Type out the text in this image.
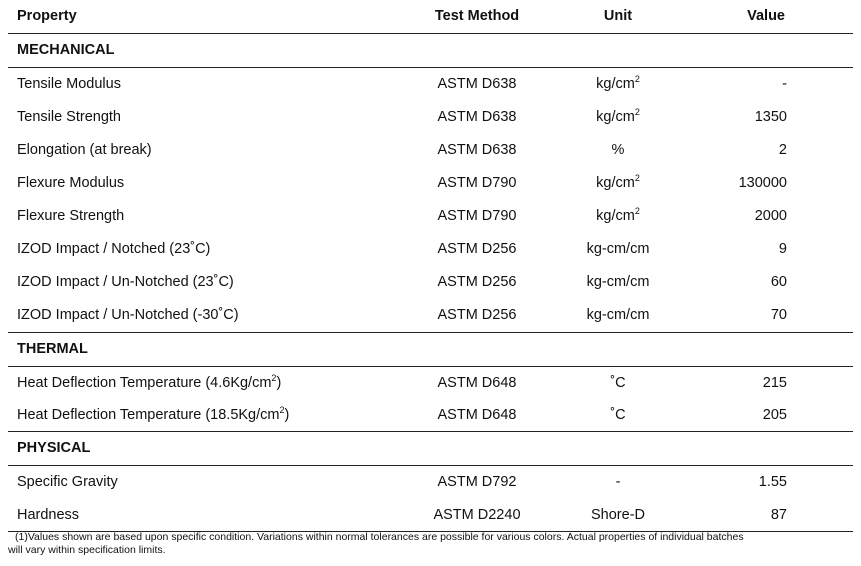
Property	Test Method	Unit	Value
MECHANICAL
Tensile Modulus	ASTM D638	$kg/cm^2$	-
Tensile Strength	ASTM D638	$kg/cm^2$	1350
Elongation (at break)	ASTM D638	%	2
Flexure Modulus	ASTM D790	$kg/cm^2$	130000
Flexure Strength	ASTM D790	$kg/cm^2$	2000
IZOD Impact / Notched (23˚C)	ASTM D256	kg-cm/cm	9
IZOD Impact / Un-Notched (23˚C)	ASTM D256	kg-cm/cm	60
IZOD Impact / Un-Notched (-30˚C)	ASTM D256	kg-cm/cm	70
THERMAL
Heat Deflection Temperature $(4.6Kg/cm^2)$	ASTM D648	˚C	215
Heat Deflection Temperature $(18.5Kg/cm^2)$	ASTM D648	˚C	205
PHYSICAL
Specific Gravity	ASTM D792	-	1.55
Hardness	ASTM D2240	Shore-D	87
(1)Values shown are based upon specific condition. Variations within normal tolerances are possible for various colors. Actual properties of individual batches
will vary within specification limits.
